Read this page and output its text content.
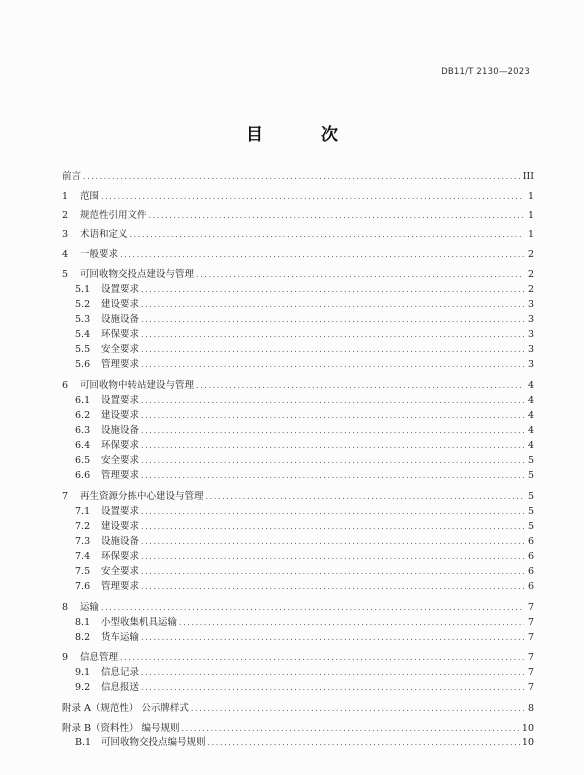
DB11/T 2130—2023
目 次
前言 .....	III
1	范围 .....	1
2	规范性引用文件 .....	1
3	术语和定义 .....	1
4	一般要求 .....	2
5	可回收物交投点建设与管理 .....	2
5.1	设置要求 .....	2
5.2	建设要求 .....	3
5.3	设施设备 .....	3
5.4	环保要求 .....	3
5.5	安全要求 .....	3
5.6	管理要求 .....	3
6	可回收物中转站建设与管理 .....	4
6.1	设置要求 .....	4
6.2	建设要求 .....	4
6.3	设施设备 .....	4
6.4	环保要求 .....	4
6.5	安全要求 .....	5
6.6	管理要求 .....	5
7	再生资源分拣中心建设与管理 .....	5
7.1	设置要求 .....	5
7.2	建设要求 .....	5
7.3	设施设备 .....	6
7.4	环保要求 .....	6
7.5	安全要求 .....	6
7.6	管理要求 .....	6
8	运输 .....	7
8.1	小型收集机具运输 .....	7
8.2	货车运输 .....	7
9	信息管理 .....	7
9.1	信息记录 .....	7
9.2	信息报送 .....	7
附录 A（规范性） 公示牌样式 .....	8
附录 B（资料性） 编号规则 .....	10
B.1	可回收物交投点编号规则 .....	10
